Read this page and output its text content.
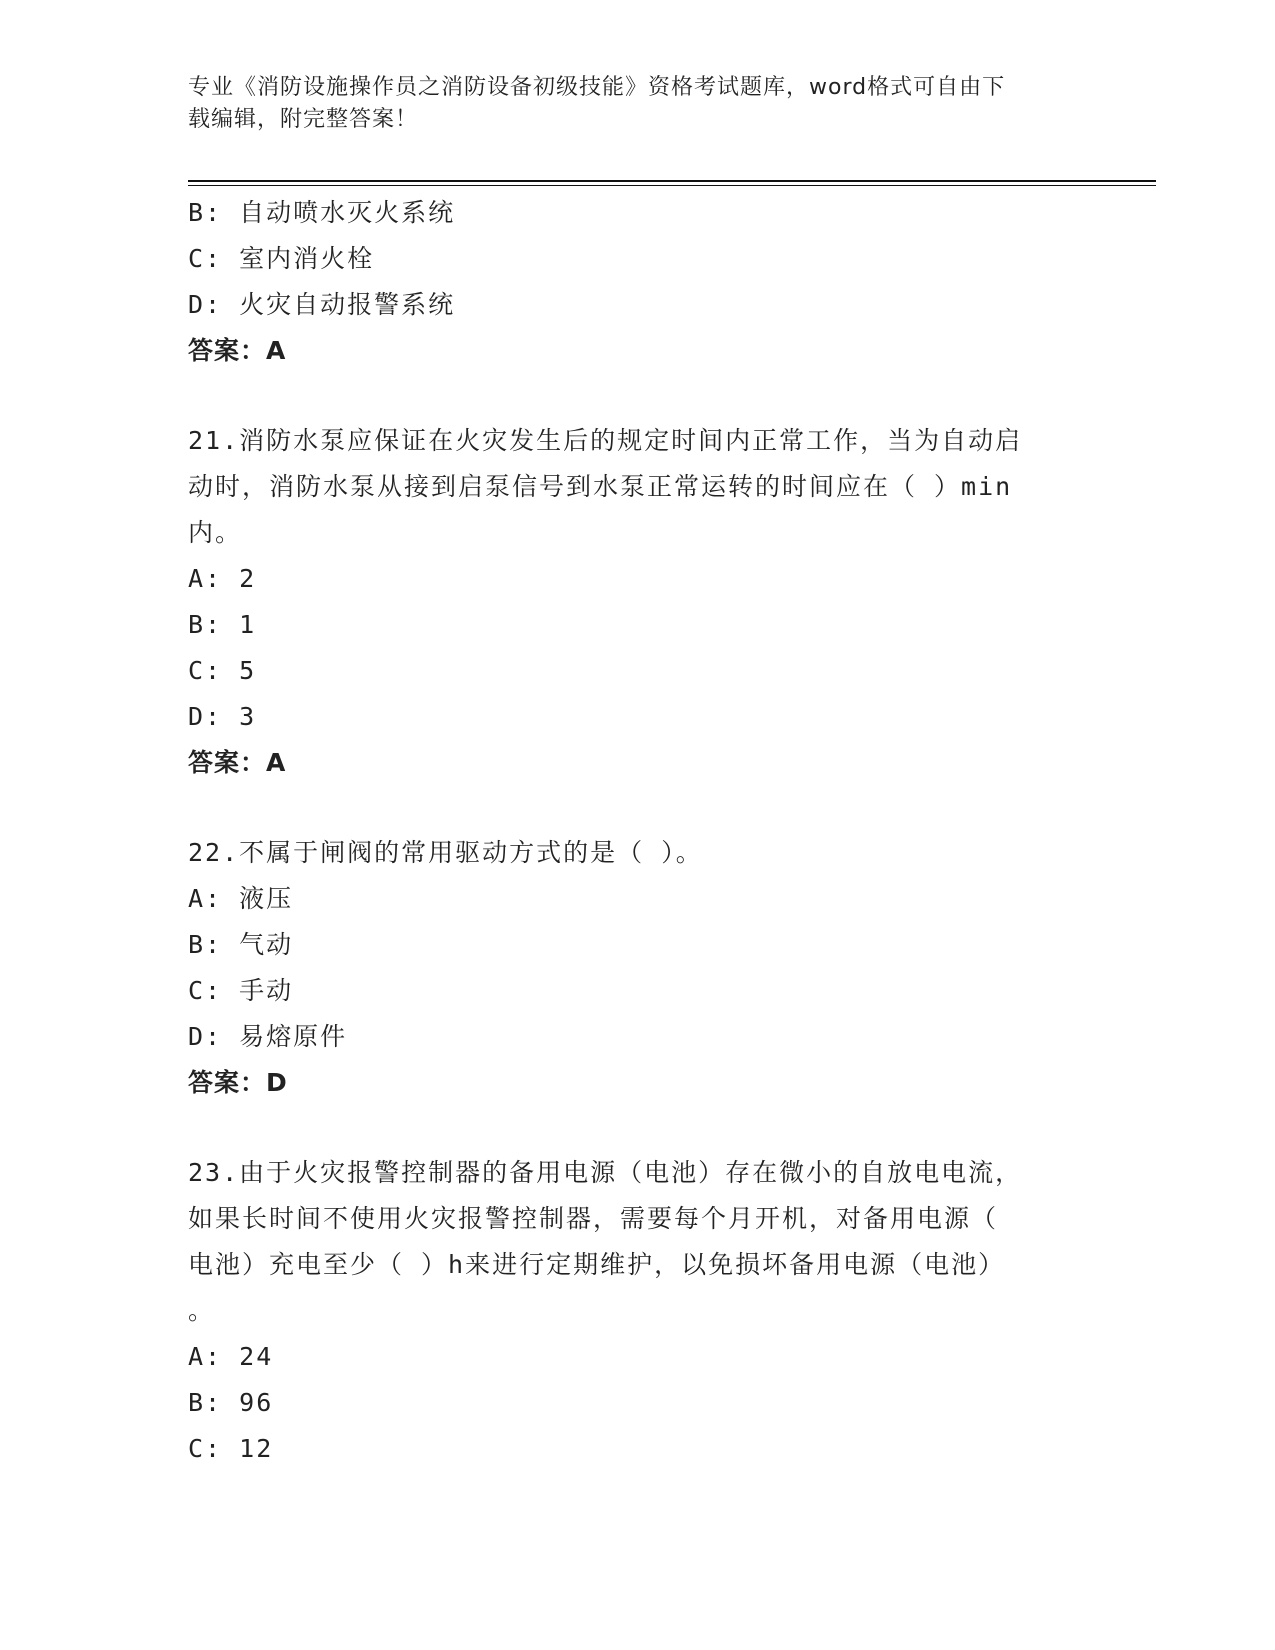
专业《消防设施操作员之消防设备初级技能》资格考试题库，word格式可自由下
载编辑，附完整答案！
B: 自动喷水灭火系统
C: 室内消火栓
D: 火灾自动报警系统
答案：A
21.消防水泵应保证在火灾发生后的规定时间内正常工作，当为自动启
动时，消防水泵从接到启泵信号到水泵正常运转的时间应在（ ）min
内。
A: 2
B: 1
C: 5
D: 3
答案：A
22.不属于闸阀的常用驱动方式的是（ ）。
A: 液压
B: 气动
C: 手动
D: 易熔原件
答案：D
23.由于火灾报警控制器的备用电源（电池）存在微小的自放电电流，
如果长时间不使用火灾报警控制器，需要每个月开机，对备用电源（
电池）充电至少（ ）h来进行定期维护，以免损坏备用电源（电池）
。
A: 24
B: 96
C: 12
